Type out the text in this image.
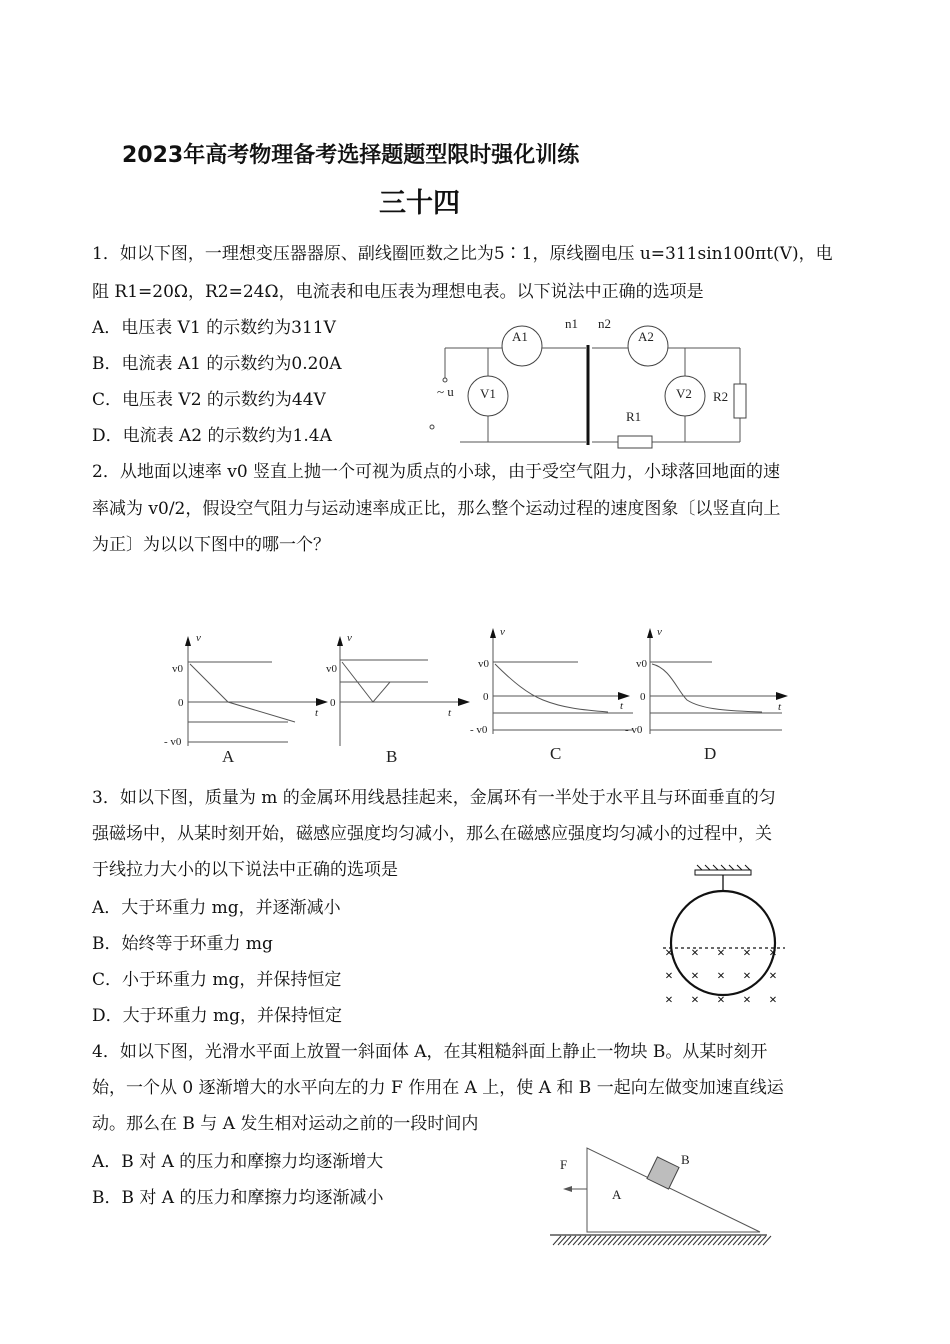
2023年高考物理备考选择题题型限时强化训练
三十四
1．如以下图，一理想变压器器原、副线圈匝数之比为5∶1，原线圈电压 u=311sin100πt(V)，电
阻 R1=20Ω，R2=24Ω，电流表和电压表为理想电表。以下说法中正确的选项是
A．电压表 V1 的示数约为311V
B．电流表 A1 的示数约为0.20A
C．电压表 V2 的示数约为44V
D．电流表 A2 的示数约为1.4A
A1	A2
V1	V2 R2
R1
n1 n2
~ u
2．从地面以速率 v0 竖直上抛一个可视为质点的小球，由于受空气阻力，小球落回地面的速
率减为 v0/2，假设空气阻力与运动速率成正比，那么整个运动过程的速度图象〔以竖直向上
为正〕为以以下图中的哪一个？
v
v0
0
- v0
t
A
v
v0
0
t
B
v
v0
0
- v0
t
C
v
v0
0
- v0
t
D
3．如以下图，质量为 m 的金属环用线悬挂起来，金属环有一半处于水平且与环面垂直的匀
强磁场中，从某时刻开始，磁感应强度均匀减小，那么在磁感应强度均匀减小的过程中，关
于线拉力大小的以下说法中正确的选项是
A．大于环重力 mg，并逐渐减小
B．始终等于环重力 mg
C．小于环重力 mg，并保持恒定
D．大于环重力 mg，并保持恒定
× × × × ×
× × × × ×
× × × × ×
4．如以下图，光滑水平面上放置一斜面体 A，在其粗糙斜面上静止一物块 B。从某时刻开
始，一个从 0 逐渐增大的水平向左的力 F 作用在 A 上，使 A 和 B 一起向左做变加速直线运
动。那么在 B 与 A 发生相对运动之前的一段时间内
A．B 对 A 的压力和摩擦力均逐渐增大
B．B 对 A 的压力和摩擦力均逐渐减小
F
A
B
